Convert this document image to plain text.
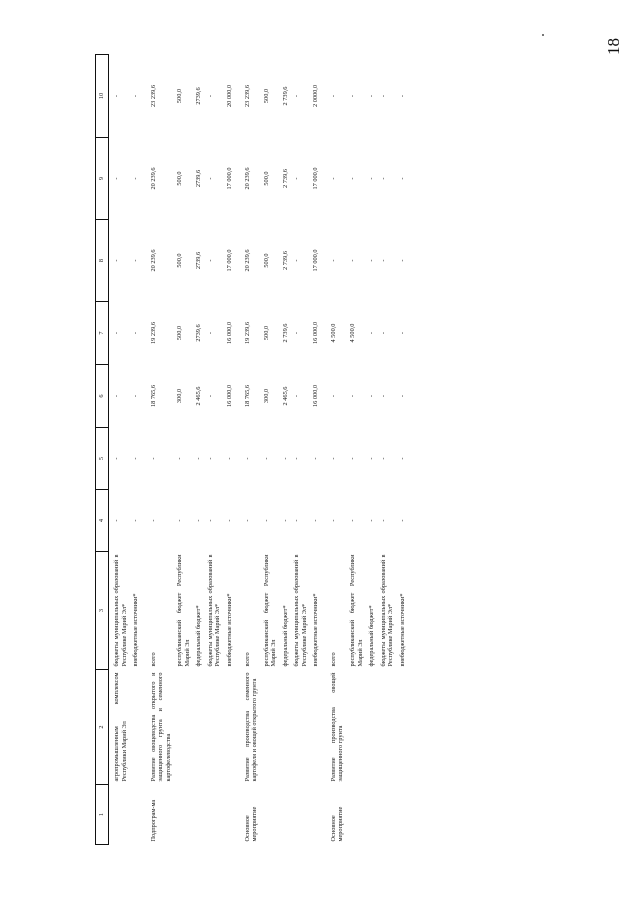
18
1	2	3	4	5	6	7	8	9	10
	агропромышленным комплексом Республики Марий Эл	бюджеты муниципальных образований в Республике Марий Эл*	-	-	-	-	-	-	-
		внебюджетные источники*	-	-	-	-	-	-	-

Подпрограм-ма	Развитие овощеводства открытого и защищенного грунта и семенного картофелеводства	всего	-	-	18 765,6	19 239,6	20 239,6	20 239,6	23 239,6
		республиканский бюджет Республики Марий Эл	-	-	300,0	500,0	500,0	500,0	500,0
		федеральный бюджет*	-	-	2 465,6	2739,6	2739,6	2739,6	2739,6
		бюджеты муниципальных образований в Республике Марий Эл*	-	-	-	-	-	-	-
		внебюджетные источники*	-	-	16 000,0	16 000,0	17 000,0	17 000,0	20 000,0

Основное мероприятие	Развитие производства семенного картофеля и овощей открытого грунта	всего	-	-	18 765,6	19 239,6	20 239,6	20 239,6	23 239,6
		республиканский бюджет Республики Марий Эл	-	-	300,0	500,0	500,0	500,0	500,0
		федеральный бюджет*	-	-	2 465,6	2 739,6	2 739,6	2 739,6	2 739,6
		бюджеты муниципальных образований в Республике Марий Эл*	-	-	-	-	-	-	-
		внебюджетные источники*	-	-	16 000,0	16 000,0	17 000,0	17 000,0	2 0000,0

Основное мероприятие	Развитие производства овощей защищенного грунта	всего	-	-	-	4 500,0	-	-	-
		республиканский бюджет Республики Марий Эл	-	-	-	4 500,0	-	-	-
		федеральный бюджет*	-	-	-	-	-	-	-
		бюджеты муниципальных образований в Республике Марий Эл*	-	-	-	-	-	-	-
		внебюджетные источники*	-	-	-	-	-	-	-
